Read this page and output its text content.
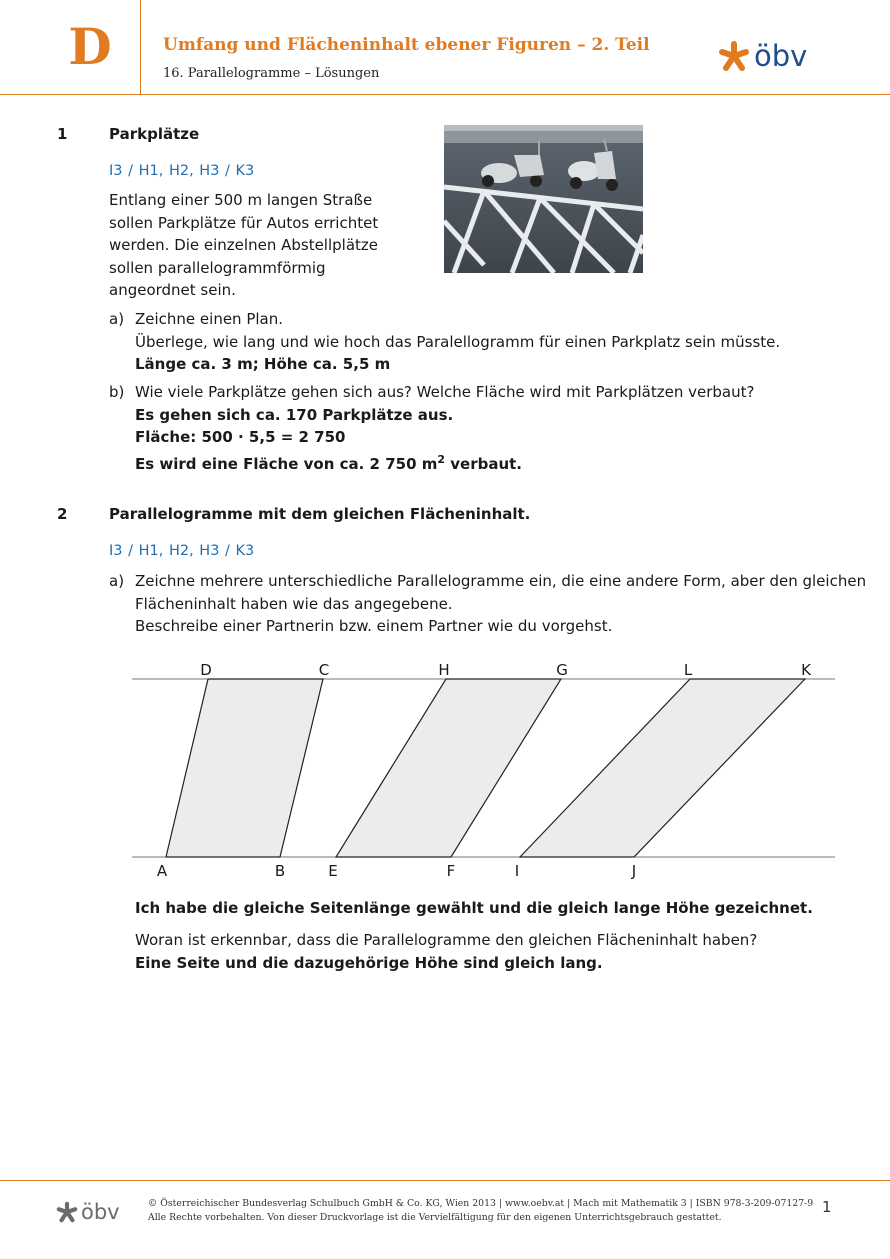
D	Umfang und Flächeninhalt ebener Figuren – 2. Teil
16. Parallelogramme – Lösungen
öbv
1	Parkplätze
I3 / H1, H2, H3 / K3
Entlang einer 500 m langen Straße
sollen Parkplätze für Autos errichtet
werden. Die einzelnen Abstellplätze
sollen parallelogrammförmig
angeordnet sein.
a) Zeichne einen Plan.
Überlege, wie lang und wie hoch das Paralellogramm für einen Parkplatz sein müsste.
Länge ca. 3 m; Höhe ca. 5,5 m
b) Wie viele Parkplätze gehen sich aus? Welche Fläche wird mit Parkplätzen verbaut?
Es gehen sich ca. 170 Parkplätze aus.
Fläche: 500 · 5,5 = 2 750
Es wird eine Fläche von ca. 2 750 $m^2$ verbaut.
2	Parallelogramme mit dem gleichen Flächeninhalt.
I3 / H1, H2, H3 / K3
a) Zeichne mehrere unterschiedliche Parallelogramme ein, die eine andere Form, aber den gleichen
Flächeninhalt haben wie das angegebene.
Beschreibe einer Partnerin bzw. einem Partner wie du vorgehst.
D	C	H	G	L	K
A	B	E	F	I	J
Ich habe die gleiche Seitenlänge gewählt und die gleich lange Höhe gezeichnet.
Woran ist erkennbar, dass die Parallelogramme den gleichen Flächeninhalt haben?
Eine Seite und die dazugehörige Höhe sind gleich lang.
öbv	© Österreichischer Bundesverlag Schulbuch GmbH & Co. KG, Wien 2013 | www.oebv.at | Mach mit Mathematik 3 | ISBN 978-3-209-07127-9
Alle Rechte vorbehalten. Von dieser Druckvorlage ist die Vervielfältigung für den eigenen Unterrichtsgebrauch gestattet.
1
